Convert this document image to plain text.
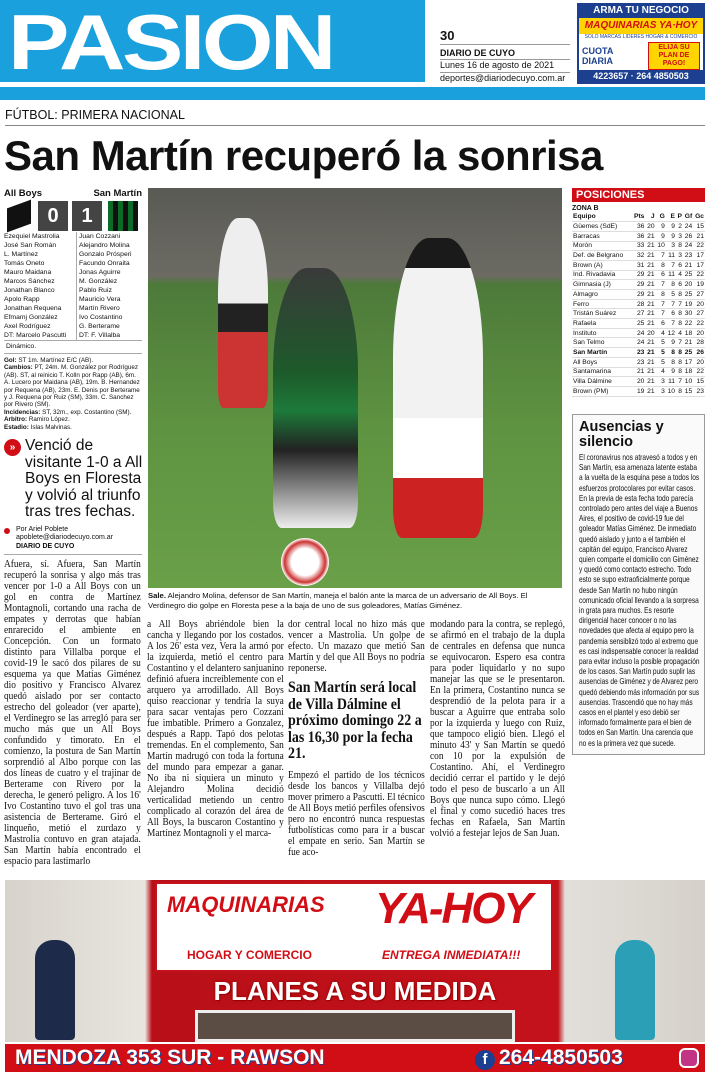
PASION	30
DIARIO DE CUYO
Lunes 16 de agosto de 2021
deportes@diariodecuyo.com.ar
ARMA TU NEGOCIO
MAQUINARIAS YA·HOY
SOLO MARCAS LIDERES HOGAR & COMERCIO
CUOTA DIARIA
ELIJA SU PLAN DE PAGO!
4223657 · 264 4850503
FÚTBOL: PRIMERA NACIONAL
San Martín recuperó la sonrisa
All Boys	San Martín
0	1
Ezequiel Mastrolia
José San Román
L. Martínez
Tomás Oneto
Mauro Maidana
Marcos Sánchez
Jonathan Blanco
Apolo Rapp
Jonathan Requena
Efmamj González
Axel Rodríguez
DT: Marcelo Pascutti
Juan Cozzani
Alejandro Molina
Gonzalo Prósperi
Facundo Onraita
Jonas Aguirre
M. González
Pablo Ruiz
Mauricio Vera
Martín Rivero
Ivo Costantino
G. Berterame
DT: F. Villalba
Dinámico.
Gol: ST 1m. Martínez E/C (AB).
Cambios: PT, 24m. M. González por Rodríguez (AB). ST, al reinicio T. Kolln por Rapp (AB), 6m. A. Lucero por Maidana (AB), 19m. B. Hernandez por Requena (AB), 23m. E. Denis por Berterame y J. Requena por Ruiz (SM), 33m. C. Sanchez por Rivero (SM).
Incidencias: ST, 32m., exp. Costantino (SM).
Arbitro: Ramiro López.
Estadio: Islas Malvinas.
» Venció de visitante 1-0 a All Boys en Floresta y volvió al triunfo tras tres fechas.
Por Ariel Poblete
apoblete@diariodecuyo.com.ar
DIARIO DE CUYO
Afuera, sí. Afuera, San Martín recuperó la sonrisa y algo más tras vencer por 1-0 a All Boys con un gol en contra de Martínez Montagnoli, cortando una racha de empates y derrotas que habían enrarecido el ambiente en Concepción. Con un formato distinto para Villalba porque el covid-19 le sacó dos pilares de su esquema ya que Matías Giménez dio positivo y Francisco Alvarez quedó aislado por ser contacto estrecho del goleador (ver aparte), el Verdinegro se las arregló para ser mucho más que un All Boys confundido y timorato. En el comienzo, la postura de San Martín sorprendió al Albo porque con las dos líneas de cuatro y el trajinar de Berterame con Rivero por la derecha, le generó peligro. A los 16' Ivo Costantino tuvo el gol tras una asistencia de Berterame. Giró el linqueño, metió el zurdazo y Mastrolia contuvo en gran atajada. San Martín había encontrado el espacio para lastimarlo
Sale. Alejandro Molina, defensor de San Martín, maneja el balón ante la marca de un adversario de All Boys. El Verdinegro dio golpe en Floresta pese a la baja de uno de sus goleadores, Matías Giménez.
a All Boys abriéndole bien la cancha y llegando por los costados. A los 26' esta vez, Vera la armó por la izquierda, metió el centro para Costantino y el delantero sanjuanino definió afuera increíblemente con el arquero ya arrodillado. All Boys quiso reaccionar y tendría la suya para sacar ventajas pero Cozzani fue imbatible. Primero a Gonzalez, después a Rapp. Tapó dos pelotas tremendas. En el complemento, San Martín madrugó con toda la fortuna del mundo para empezar a ganar. No iba ni siquiera un minuto y Alejandro Molina decidió verticalidad metiendo un centro complicado al corazón del área de All Boys, la buscaron Costantino y Martínez Montagnoli y el marca-
dor central local no hizo más que vencer a Mastrolia. Un golpe de efecto. Un mazazo que metió San Martín y del que All Boys no podría reponerse.
San Martín será local de Villa Dálmine el próximo domingo 22 a las 16,30 por la fecha 21.
Empezó el partido de los técnicos desde los bancos y Villalba dejó mover primero a Pascutti. El técnico de All Boys metió perfiles ofensivos pero no encontró nunca respuestas futbolísticas como para ir a buscar el empate en serio. San Martín se fue aco-
modando para la contra, se replegó, se afirmó en el trabajo de la dupla de centrales en defensa que nunca se equivocaron. Espero esa contra para poder liquidarlo y no supo manejar las que se le presentaron. En la primera, Costantino nunca se desprendió de la pelota para ir a buscar a Aguirre que entraba solo por la izquierda y luego con Ruiz, que tampoco eligió bien. Llegó el minuto 43' y San Martín se quedó con 10 por la expulsión de Costantino. Ahí, el Verdinegro decidió cerrar el partido y le dejó todo el peso de buscarlo a un All Boys que nunca supo cómo. Llegó el final y como sucedió haces tres fechas en Rafaela, San Martín volvió a festejar lejos de San Juan.
POSICIONES
ZONA B
Equipo	Pts	J	G	E	P	Gf	Gc
Güemes (SdE)	36	20	9	9	2	24	15
Barracas	36	21	9	9	3	26	21
Morón	33	21	10	3	8	24	22
Def. de Belgrano	32	21	7	11	3	23	17
Brown (A)	31	21	8	7	6	21	17
Ind. Rivadavia	29	21	6	11	4	25	22
Gimnasia (J)	29	21	7	8	6	20	19
Almagro	29	21	8	5	8	25	27
Ferro	28	21	7	7	7	19	20
Tristán Suárez	27	21	7	6	8	30	27
Rafaela	25	21	6	7	8	22	22
Instituto	24	20	4	12	4	18	20
San Telmo	24	21	5	9	7	21	28
San Martín	23	21	5	8	8	25	26
All Boys	23	21	5	8	8	17	20
Santamarina	21	21	4	9	8	18	22
Villa Dálmine	20	21	3	11	7	10	15
Brown (PM)	19	21	3	10	8	15	23
Ausencias y silencio

El coronavirus nos atravesó a todos y en San Martín, esa amenaza latente estaba a la vuelta de la esquina pese a todos los esfuerzos protocolares por evitar casos. En la previa de esta fecha todo parecía controlado pero antes del viaje a Buenos Aires, el positivo de covid-19 fue del goleador Matías Giménez. De inmediato quedó aislado y junto a el también el capitán del equipo, Francisco Alvarez quien comparte el domicilio con Giménez y quedó como contacto estrecho. Todo esto se supo extraoficialmente porque desde San Martín no hubo ningún comunicado oficial llevando a la sorpresa in grata para muchos. Es resorte dirigencial hacer conocer o no las novedades que afecta al equipo pero la pandemia sensiblizó todo al extremo que es casi indispensable conocer la realidad para evitar incluso la posible propagación de los casos. San Martín pudo suplir las ausencias de Giménez y de Alvarez pero quedó debiendo más información por sus ausencias. Trascendió que no hay más casos en el plantel y eso debió ser informado formalmente para el bien de todos en San Martín. Una carencia que no es la primera vez que sucede.

MAQUINARIAS YA-HOY
HOGAR Y COMERCIO	ENTREGA INMEDIATA!!!
PLANES A SU MEDIDA
MENDOZA 353 SUR - RAWSON	f 264-4850503
